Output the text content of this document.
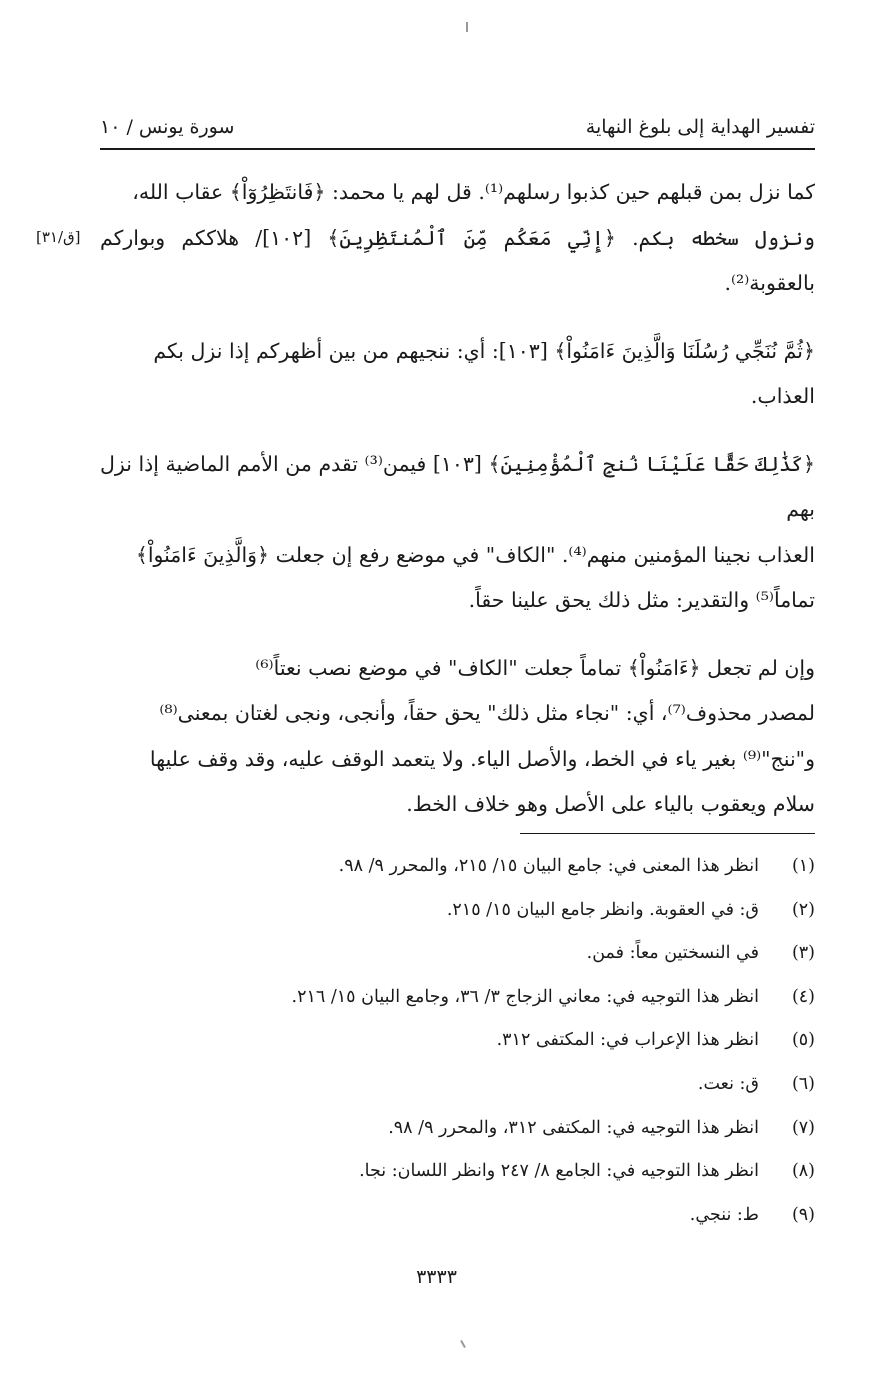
تفسير الهداية إلى بلوغ النهاية
سورة يونس / ١٠
[ق/٣١]

كما نزل بمن قبلهم حين كذبوا رسلهم⁽¹⁾. قل لهم يا محمد: ﴿فَانتَظِرُوٓاْ﴾ عقاب الله،
ونزول سخطه بكم. ﴿إِنِّي مَعَكُم مِّنَ ٱلْمُنتَظِرِينَ﴾ [١٠٢]/ هلاككم وبواركم بالعقوبة⁽²⁾.

﴿ثُمَّ نُنَجِّي رُسُلَنَا وَالَّذِينَ ءَامَنُواْ﴾ [١٠٣]: أي: ننجيهم من بين أظهركم إذا نزل بكم
العذاب.

﴿كَذَٰلِكَ حَقًّا عَلَيْنَا نُنجِ ٱلْمُؤْمِنِينَ﴾ [١٠٣] فيمن⁽³⁾ تقدم من الأمم الماضية إذا نزل بهم
العذاب نجينا المؤمنين منهم⁽⁴⁾. "الكاف" في موضع رفع إن جعلت ﴿وَالَّذِينَ ءَامَنُواْ﴾
تماماً⁽⁵⁾ والتقدير: مثل ذلك يحق علينا حقاً.

وإن لم تجعل ﴿ءَامَنُواْ﴾ تماماً جعلت "الكاف" في موضع نصب نعتاً⁽⁶⁾
لمصدر محذوف⁽⁷⁾، أي: "نجاء مثل ذلك" يحق حقاً، وأنجى، ونجى لغتان بمعنى⁽⁸⁾
و"ننج"⁽⁹⁾ بغير ياء في الخط، والأصل الياء. ولا يتعمد الوقف عليه، وقد وقف عليها
سلام ويعقوب بالياء على الأصل وهو خلاف الخط.

(١)
انظر هذا المعنى في: جامع البيان ١٥/ ٢١٥، والمحرر ٩/ ٩٨.
(٢)
ق: في العقوبة. وانظر جامع البيان ١٥/ ٢١٥.
(٣)
في النسختين معاً: فمن.
(٤)
انظر هذا التوجيه في: معاني الزجاج ٣/ ٣٦، وجامع البيان ١٥/ ٢١٦.
(٥)
انظر هذا الإعراب في: المكتفى ٣١٢.
(٦)
ق: نعت.
(٧)
انظر هذا التوجيه في: المكتفى ٣١٢، والمحرر ٩/ ٩٨.
(٨)
انظر هذا التوجيه في: الجامع ٨/ ٢٤٧ وانظر اللسان: نجا.
(٩)
ط: ننجي.
٣٣٣٣
